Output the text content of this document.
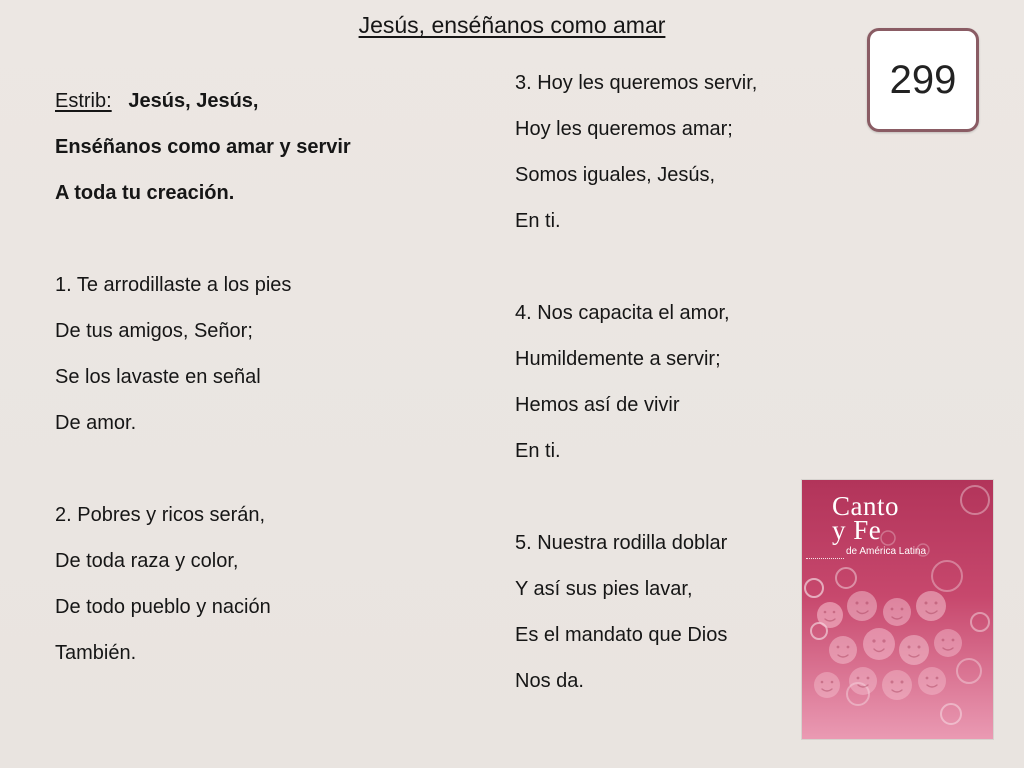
Jesús, enséñanos como amar
299
Estrib: Jesús, Jesús,
Enséñanos como amar y servir
A toda tu creación.
1. Te arrodillaste a los pies
De tus amigos, Señor;
Se los lavaste en señal
De amor.
2. Pobres y ricos serán,
De toda raza y color,
De todo pueblo y nación
También.
3. Hoy les queremos servir,
Hoy les queremos amar;
Somos iguales, Jesús,
En ti.
4. Nos capacita el amor,
Humildemente a servir;
Hemos así de vivir
En ti.
5. Nuestra rodilla doblar
Y así sus pies lavar,
Es el mandato que Dios
Nos da.
Canto
y Fe
de América Latina
